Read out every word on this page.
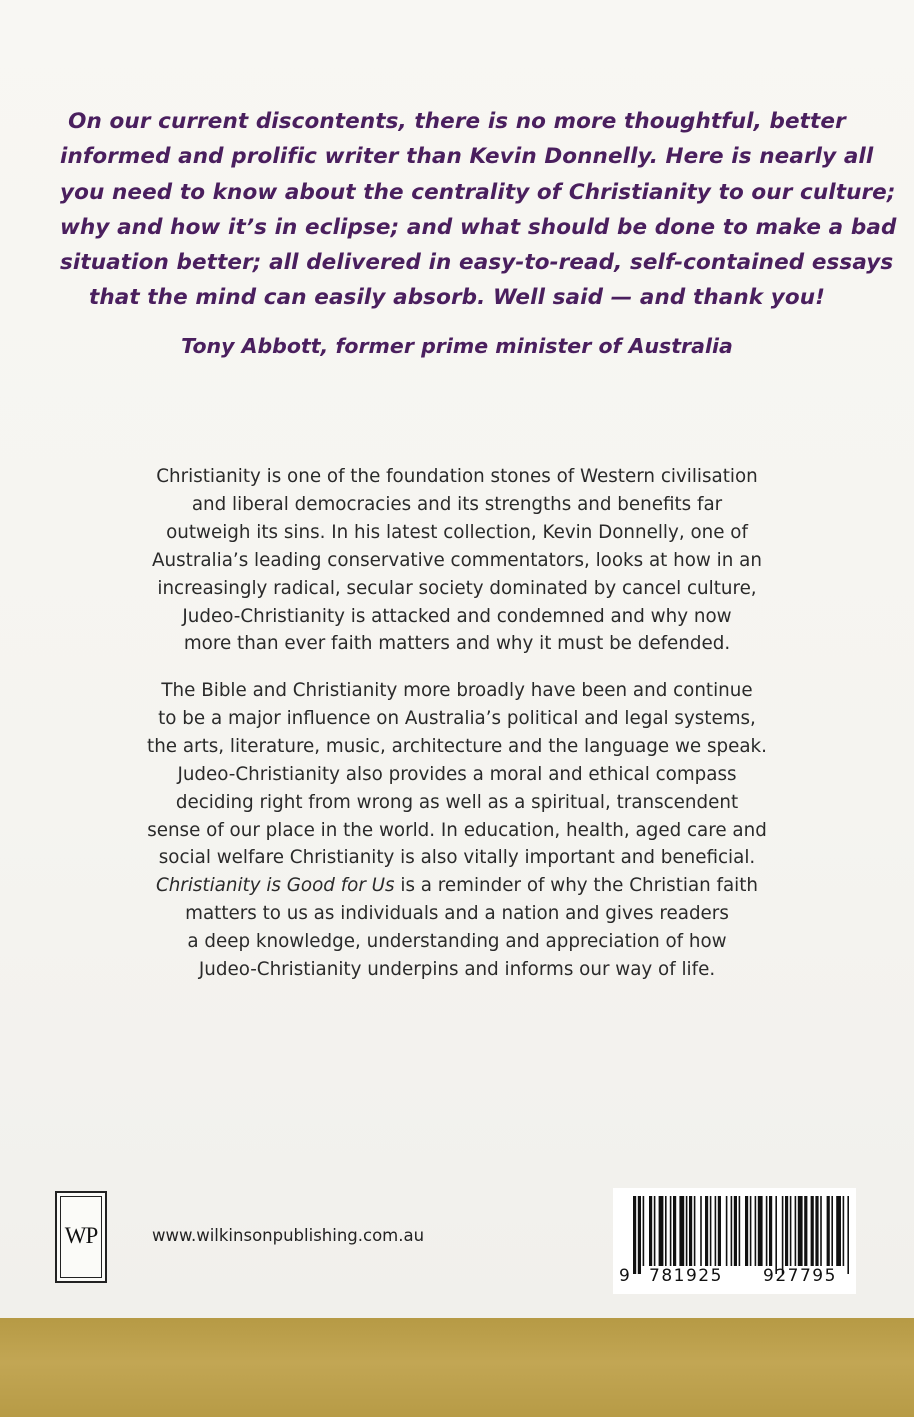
On our current discontents, there is no more thoughtful, better
informed and prolific writer than Kevin Donnelly. Here is nearly all
you need to know about the centrality of Christianity to our culture;
why and how it’s in eclipse; and what should be done to make a bad
situation better; all delivered in easy-to-read, self-contained essays
that the mind can easily absorb. Well said — and thank you!
Tony Abbott, former prime minister of Australia
Christianity is one of the foundation stones of Western civilisation
and liberal democracies and its strengths and benefits far
outweigh its sins. In his latest collection, Kevin Donnelly, one of
Australia’s leading conservative commentators, looks at how in an
increasingly radical, secular society dominated by cancel culture,
Judeo-Christianity is attacked and condemned and why now
more than ever faith matters and why it must be defended.
The Bible and Christianity more broadly have been and continue
to be a major influence on Australia’s political and legal systems,
the arts, literature, music, architecture and the language we speak.
Judeo-Christianity also provides a moral and ethical compass
deciding right from wrong as well as a spiritual, transcendent
sense of our place in the world. In education, health, aged care and
social welfare Christianity is also vitally important and beneficial.
Christianity is Good for Us is a reminder of why the Christian faith
matters to us as individuals and a nation and gives readers
a deep knowledge, understanding and appreciation of how
Judeo-Christianity underpins and informs our way of life.
WP	www.wilkinsonpublishing.com.au
9 781925 927795
